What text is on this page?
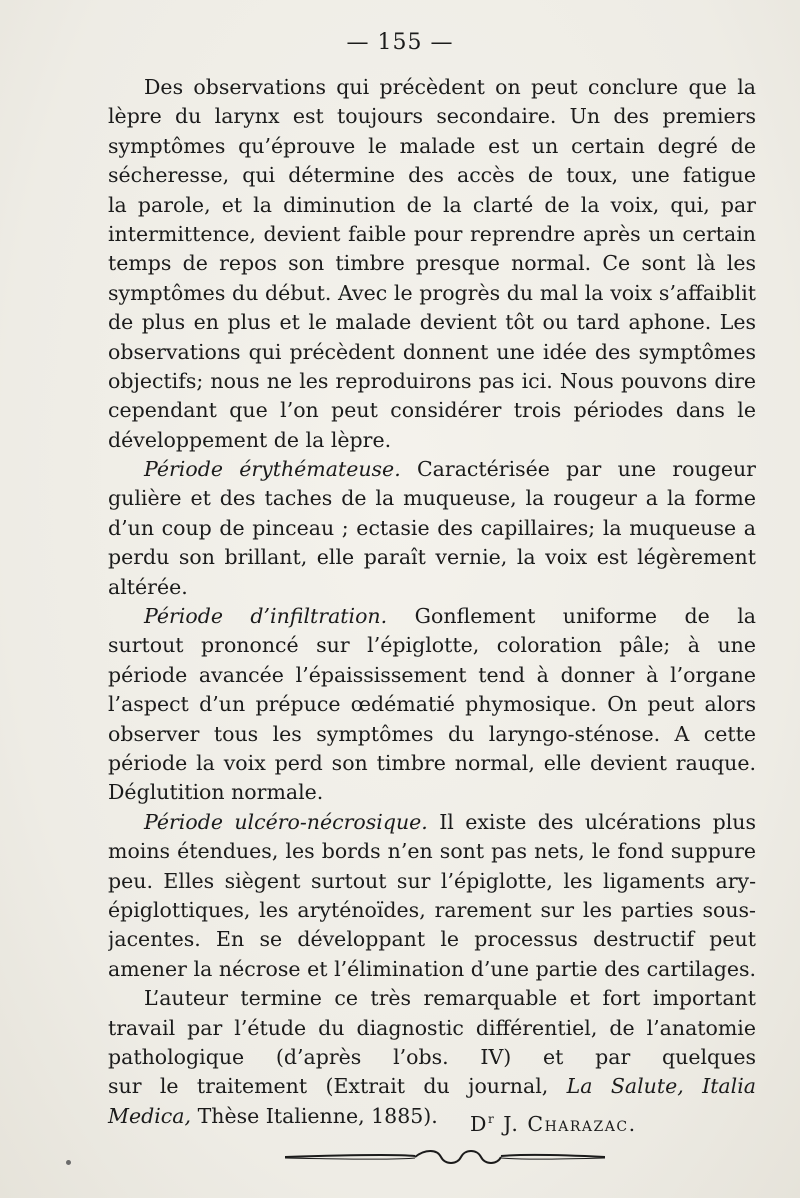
— 155 —
Des observations qui précèdent on peut conclure que la
lèpre du larynx est toujours secondaire. Un des premiers
symptômes qu’éprouve le malade est un certain degré de
sécheresse, qui détermine des accès de toux, une fatigue
la parole, et la diminution de la clarté de la voix, qui, par
intermittence, devient faible pour reprendre après un certain
temps de repos son timbre presque normal. Ce sont là les
symptômes du début. Avec le progrès du mal la voix s’affaiblit
de plus en plus et le malade devient tôt ou tard aphone. Les
observations qui précèdent donnent une idée des symptômes
objectifs; nous ne les reproduirons pas ici. Nous pouvons dire
cependant que l’on peut considérer trois périodes dans le
développement de la lèpre.
Période érythémateuse. Caractérisée par une rougeur
gulière et des taches de la muqueuse, la rougeur a la forme
d’un coup de pinceau ; ectasie des capillaires; la muqueuse a
perdu son brillant, elle paraît vernie, la voix est légèrement
altérée.
Période d’infiltration. Gonflement uniforme de la
surtout prononcé sur l’épiglotte, coloration pâle; à une
période avancée l’épaississement tend à donner à l’organe
l’aspect d’un prépuce œdématié phymosique. On peut alors
observer tous les symptômes du laryngo-sténose. A cette
période la voix perd son timbre normal, elle devient rauque.
Déglutition normale.
Période ulcéro-nécrosique. Il existe des ulcérations plus
moins étendues, les bords n’en sont pas nets, le fond suppure
peu. Elles siègent surtout sur l’épiglotte, les ligaments ary-
épiglottiques, les aryténoïdes, rarement sur les parties sous-
jacentes. En se développant le processus destructif peut
amener la nécrose et l’élimination d’une partie des cartilages.
L’auteur termine ce très remarquable et fort important
travail par l’étude du diagnostic différentiel, de l’anatomie
pathologique (d’après l’obs. IV) et par quelques
sur le traitement (Extrait du journal, La Salute, Italia
Medica, Thèse Italienne, 1885).	$D^r$ J. Charazac.
